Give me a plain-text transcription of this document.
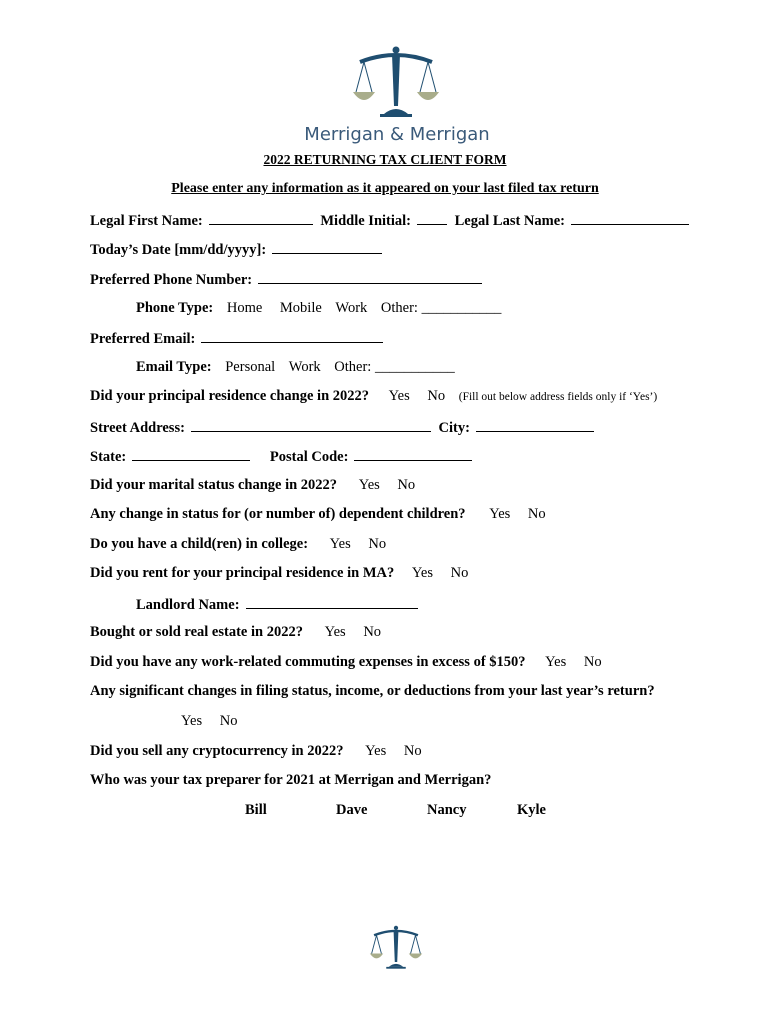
Merrigan & Merrigan
2022 RETURNING TAX CLIENT FORM
Please enter any information as it appeared on your last filed tax return
Legal First Name:	Middle Initial:	Legal Last Name:
Today’s Date [mm/dd/yyyy]:
Preferred Phone Number:
Phone Type: Home Mobile Work Other: ___________
Preferred Email:
Email Type: Personal Work Other: ___________
Did your principal residence change in 2022? Yes No (Fill out below address fields only if ‘Yes’)
Street Address:	City:
State:	Postal Code:
Did your marital status change in 2022? Yes No
Any change in status for (or number of) dependent children? Yes No
Do you have a child(ren) in college: Yes No
Did you rent for your principal residence in MA? Yes No
Landlord Name:
Bought or sold real estate in 2022? Yes No
Did you have any work-related commuting expenses in excess of $150? Yes No
Any significant changes in filing status, income, or deductions from your last year’s return?
Yes No
Did you sell any cryptocurrency in 2022? Yes No
Who was your tax preparer for 2021 at Merrigan and Merrigan?
Bill	Dave	Nancy	Kyle
